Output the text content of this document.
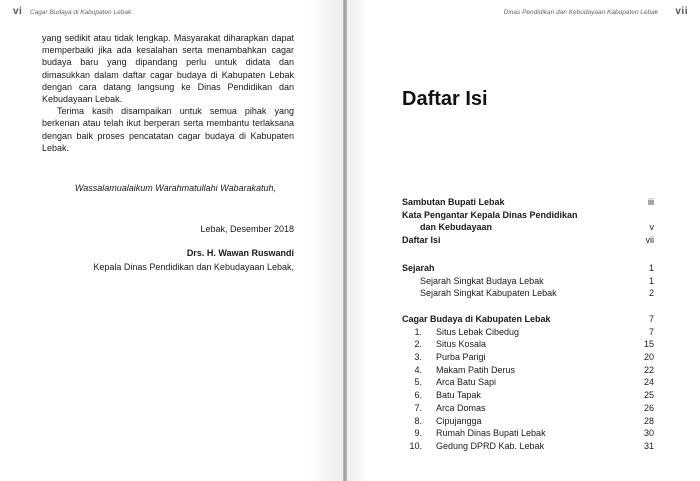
vi Cagar Budaya di Kabupaten Lebak

yang sedikit atau tidak lengkap. Masyarakat diharapkan dapat memperbaiki jika ada kesalahan serta menambahkan cagar budaya baru yang dipandang perlu untuk didata dan dimasukkan dalam daftar cagar budaya di Kabupaten Lebak dengan cara datang langsung ke Dinas Pendidikan dan Kebudayaan Lebak.

Terima kasih disampaikan untuk semua pihak yang berkenan atau telah ikut berperan serta membantu terlaksana dengan baik proses pencatatan cagar budaya di Kabupaten Lebak.

Wassalamualaikum Warahmatullahi Wabarakatuh,
Lebak, Desember 2018
Drs. H. Wawan Ruswandi
Kepala Dinas Pendidikan dan Kebudayaan Lebak,
Dinas Pendidikan dan Kebudayaan Kabupaten Lebak vii
Daftar Isi
Sambutan Bupati Lebak	iii
Kata Pengantar Kepala Dinas Pendidikan
dan Kebudayaan	v
Daftar Isi	vii
Sejarah	1
Sejarah Singkat Budaya Lebak	1
Sejarah Singkat Kabupaten Lebak	2
Cagar Budaya di Kabupaten Lebak	7
1. Situs Lebak Cibedug	7
2. Situs Kosala	15
3. Purba Parigi	20
4. Makam Patih Derus	22
5. Arca Batu Sapi	24
6. Batu Tapak	25
7. Arca Domas	26
8. Cipujangga	28
9. Rumah Dinas Bupati Lebak	30
10. Gedung DPRD Kab. Lebak	31
